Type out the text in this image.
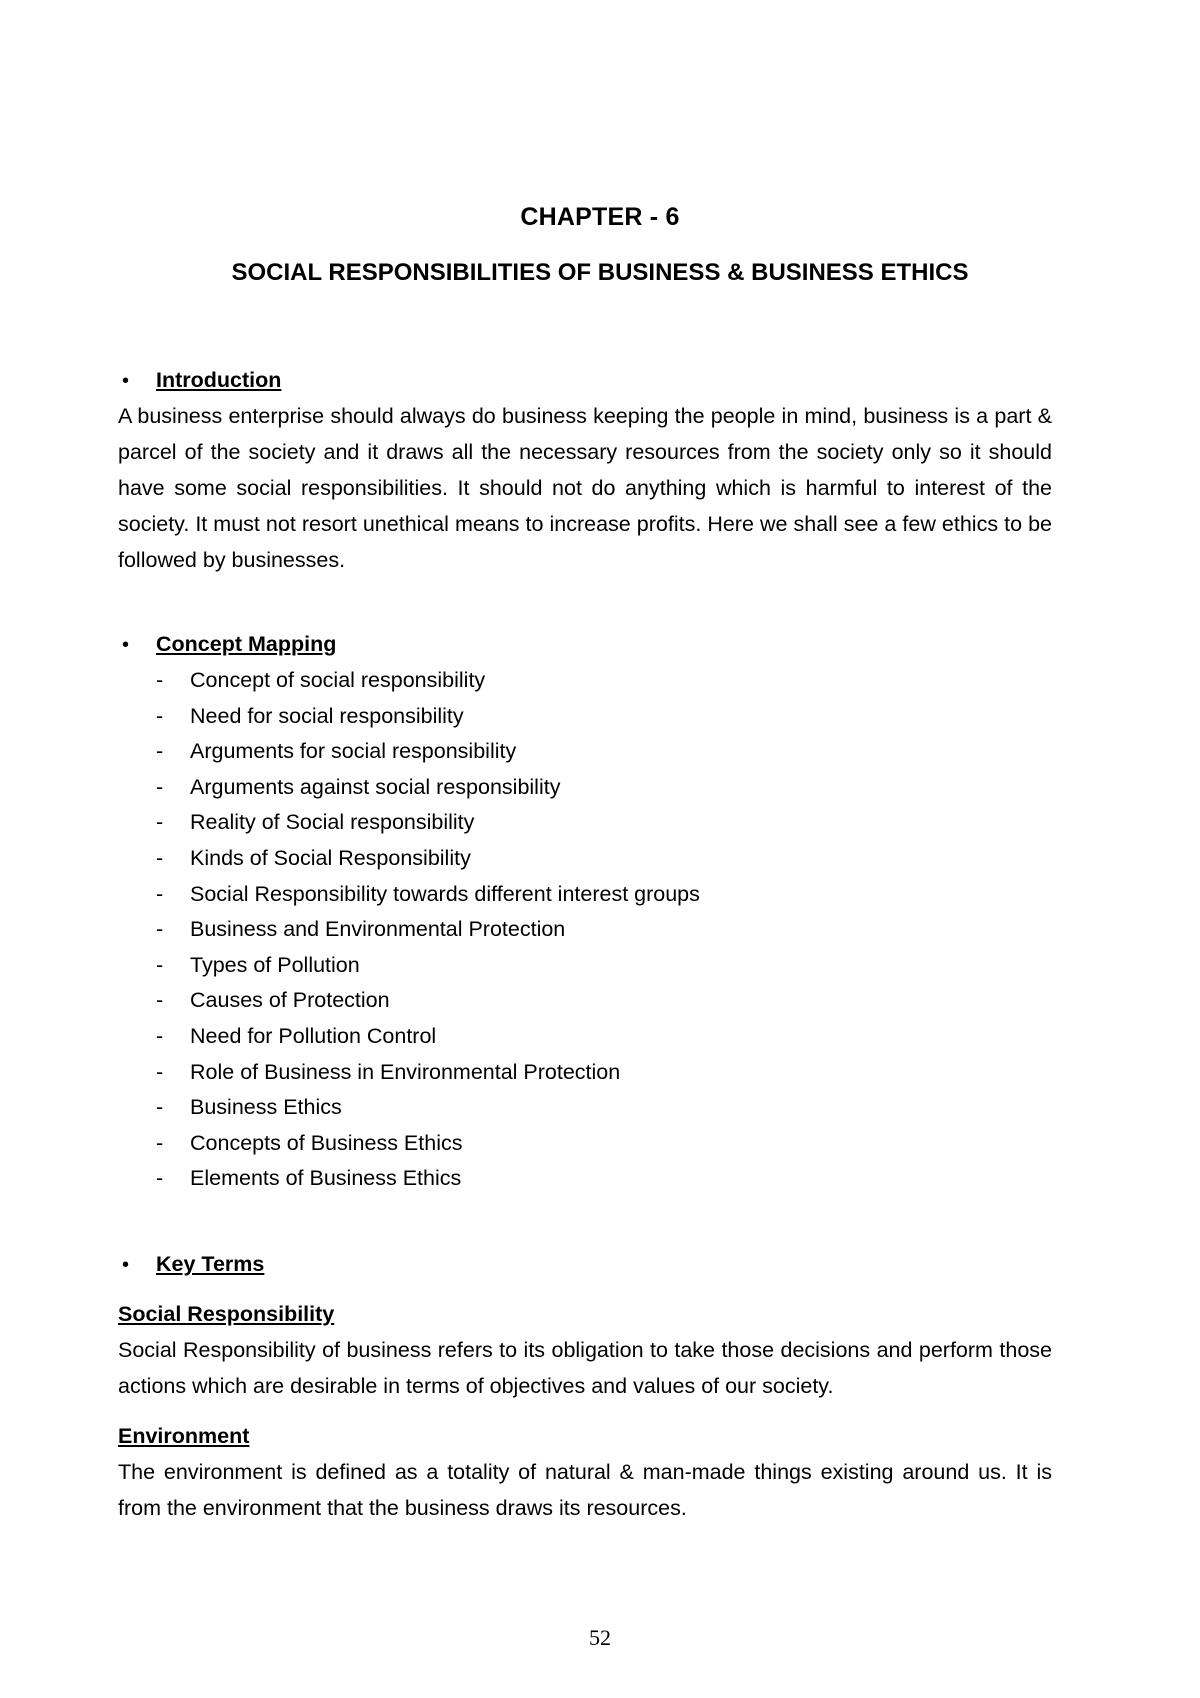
CHAPTER - 6
SOCIAL RESPONSIBILITIES OF BUSINESS & BUSINESS ETHICS
•	Introduction

A business enterprise should always do business keeping the people in mind, business is a part & parcel of the society and it draws all the necessary resources from the society only so it should have some social responsibilities. It should not do anything which is harmful to interest of the society. It must not resort unethical means to increase profits. Here we shall see a few ethics to be followed by businesses.

•	Concept Mapping
-	Concept of social responsibility
-	Need for social responsibility
-	Arguments for social responsibility
-	Arguments against social responsibility
-	Reality of Social responsibility
-	Kinds of Social Responsibility
-	Social Responsibility towards different interest groups
-	Business and Environmental Protection
-	Types of Pollution
-	Causes of Protection
-	Need for Pollution Control
-	Role of Business in Environmental Protection
-	Business Ethics
-	Concepts of Business Ethics
-	Elements of Business Ethics
•	Key Terms
Social Responsibility

Social Responsibility of business refers to its obligation to take those decisions and perform those actions which are desirable in terms of objectives and values of our society.

Environment

The environment is defined as a totality of natural & man-made things existing around us. It is from the environment that the business draws its resources.

52
